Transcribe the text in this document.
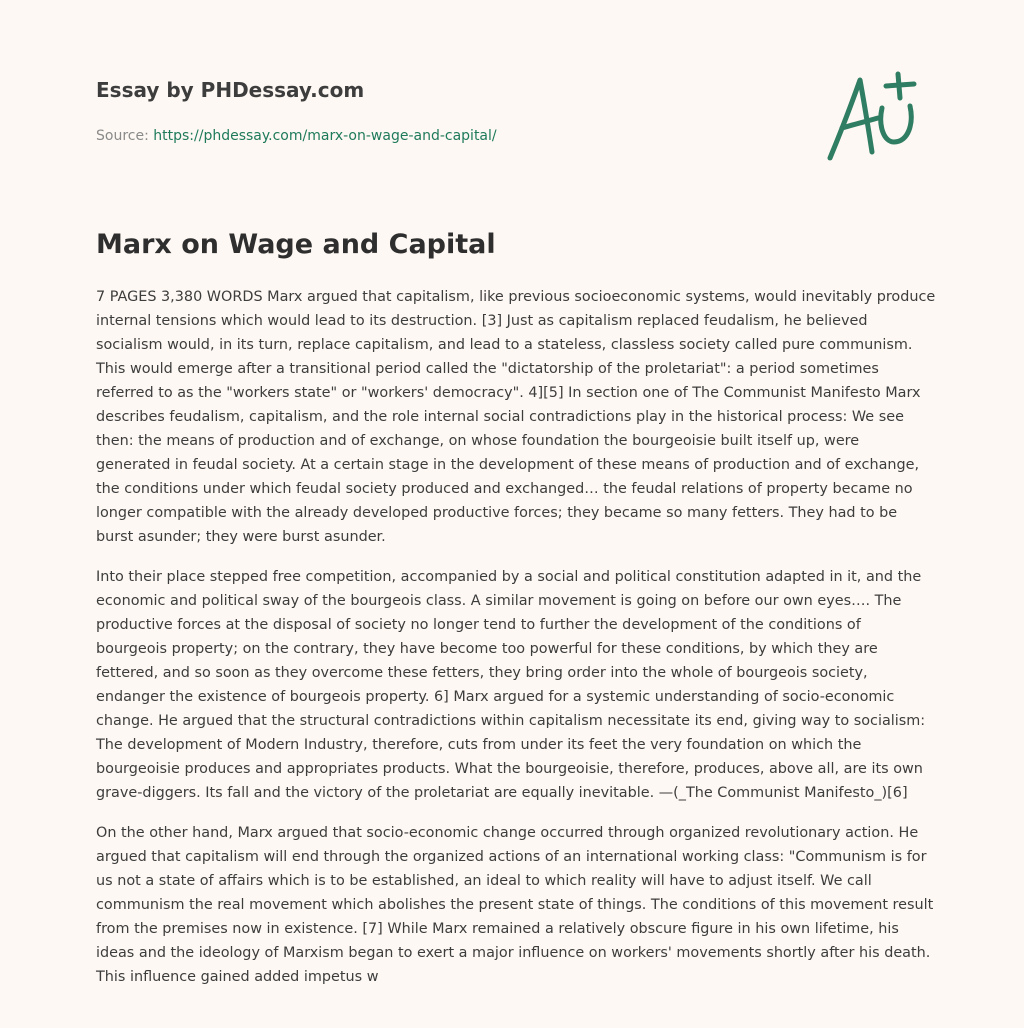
Essay by PHDessay.com
Source: https://phdessay.com/marx-on-wage-and-capital/
Marx on Wage and Capital

7 PAGES 3,380 WORDS Marx argued that capitalism, like previous socioeconomic systems, would inevitably produce internal tensions which would lead to its destruction. [3] Just as capitalism replaced feudalism, he believed socialism would, in its turn, replace capitalism, and lead to a stateless, classless society called pure communism. This would emerge after a transitional period called the "dictatorship of the proletariat": a period sometimes referred to as the "workers state" or "workers' democracy". 4][5] In section one of The Communist Manifesto Marx describes feudalism, capitalism, and the role internal social contradictions play in the historical process: We see then: the means of production and of exchange, on whose foundation the bourgeoisie built itself up, were generated in feudal society. At a certain stage in the development of these means of production and of exchange, the conditions under which feudal society produced and exchanged… the feudal relations of property became no longer compatible with the already developed productive forces; they became so many fetters. They had to be burst asunder; they were burst asunder.

Into their place stepped free competition, accompanied by a social and political constitution adapted in it, and the economic and political sway of the bourgeois class. A similar movement is going on before our own eyes…. The productive forces at the disposal of society no longer tend to further the development of the conditions of bourgeois property; on the contrary, they have become too powerful for these conditions, by which they are fettered, and so soon as they overcome these fetters, they bring order into the whole of bourgeois society, endanger the existence of bourgeois property. 6] Marx argued for a systemic understanding of socio-economic change. He argued that the structural contradictions within capitalism necessitate its end, giving way to socialism: The development of Modern Industry, therefore, cuts from under its feet the very foundation on which the bourgeoisie produces and appropriates products. What the bourgeoisie, therefore, produces, above all, are its own grave-diggers. Its fall and the victory of the proletariat are equally inevitable. —(_The Communist Manifesto_)[6]

On the other hand, Marx argued that socio-economic change occurred through organized revolutionary action. He argued that capitalism will end through the organized actions of an international working class: "Communism is for us not a state of affairs which is to be established, an ideal to which reality will have to adjust itself. We call communism the real movement which abolishes the present state of things. The conditions of this movement result from the premises now in existence. [7] While Marx remained a relatively obscure figure in his own lifetime, his ideas and the ideology of Marxism began to exert a major influence on workers' movements shortly after his death. This influence gained added impetus w
